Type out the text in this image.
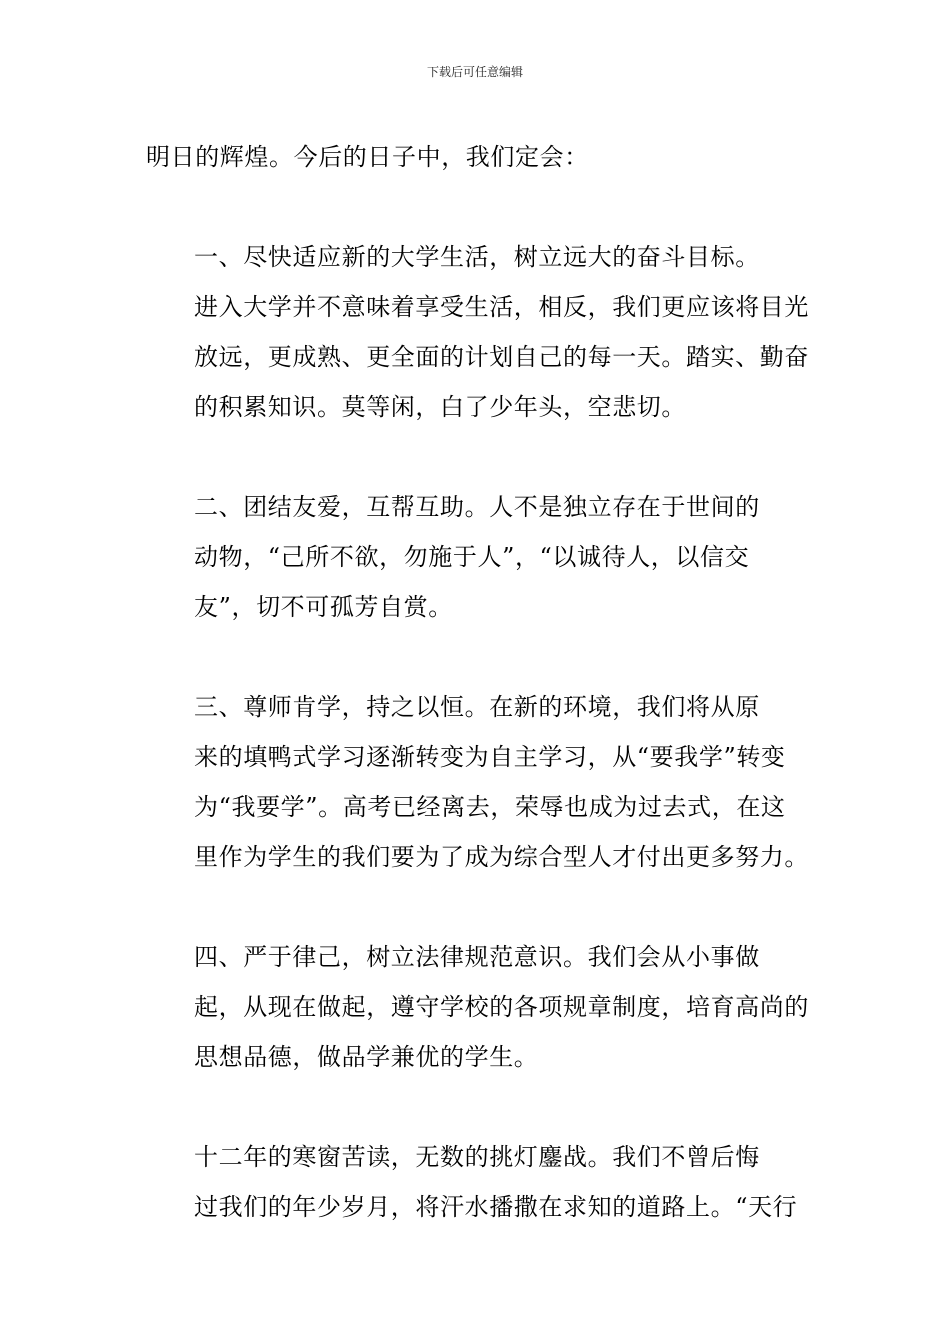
下载后可任意编辑

明日的辉煌。今后的日子中，我们定会：

一、尽快适应新的大学生活，树立远大的奋斗目标。
进入大学并不意味着享受生活，相反，我们更应该将目光
放远，更成熟、更全面的计划自己的每一天。踏实、勤奋
的积累知识。莫等闲，白了少年头，空悲切。

二、团结友爱，互帮互助。人不是独立存在于世间的
动物，“己所不欲，勿施于人”，“以诚待人，以信交
友”，切不可孤芳自赏。

三、尊师肯学，持之以恒。在新的环境，我们将从原
来的填鸭式学习逐渐转变为自主学习，从“要我学”转变
为“我要学”。高考已经离去，荣辱也成为过去式，在这
里作为学生的我们要为了成为综合型人才付出更多努力。

四、严于律己，树立法律规范意识。我们会从小事做
起，从现在做起，遵守学校的各项规章制度，培育高尚的
思想品德，做品学兼优的学生。

十二年的寒窗苦读，无数的挑灯鏖战。我们不曾后悔
过我们的年少岁月，将汗水播撒在求知的道路上。“天行
